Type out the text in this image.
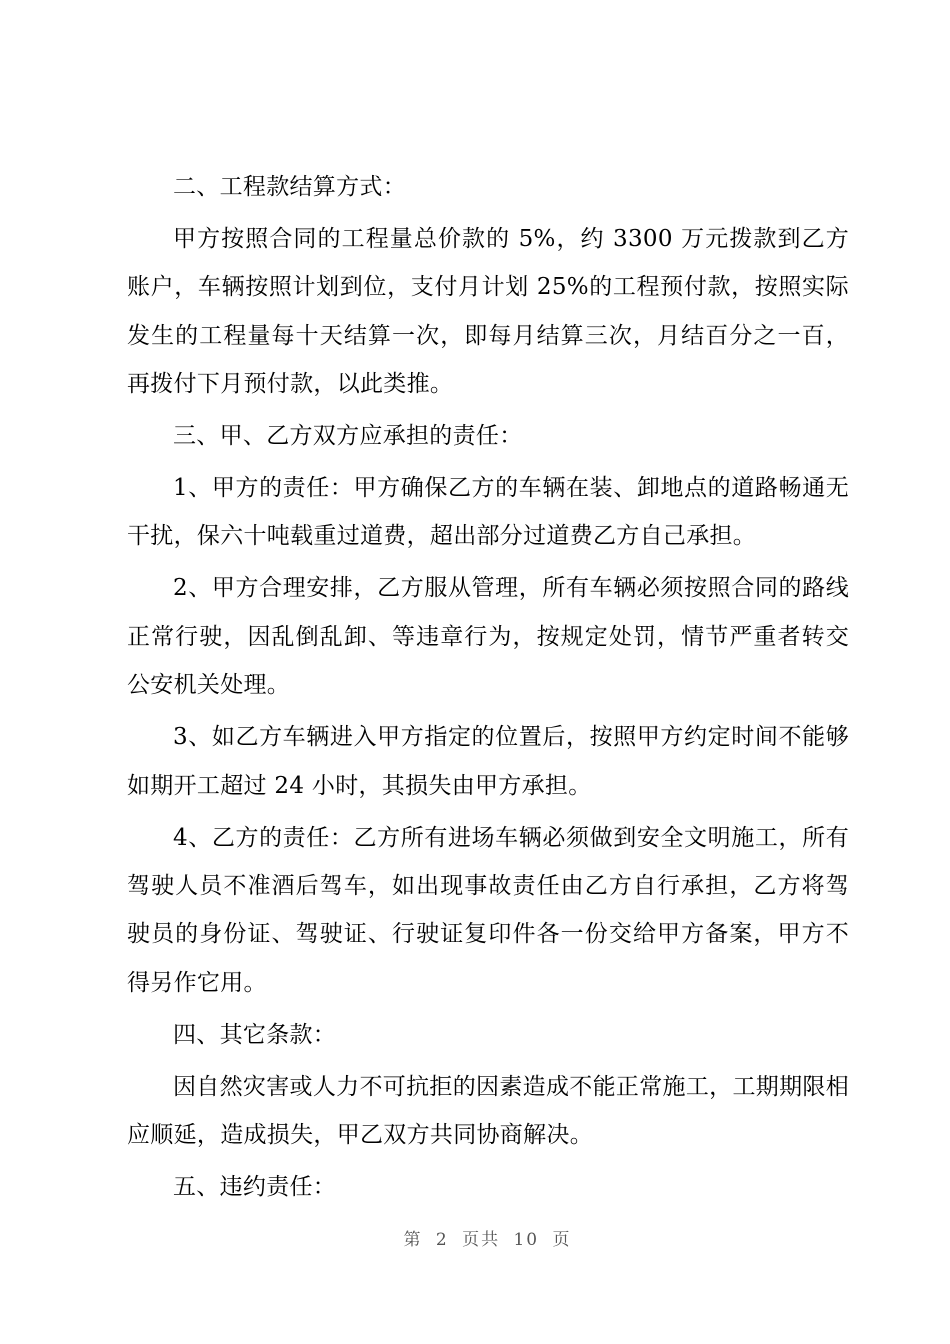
二、工程款结算方式：

甲方按照合同的工程量总价款的 5%，约 3300 万元拨款到乙方账户，车辆按照计划到位，支付月计划 25%的工程预付款，按照实际发生的工程量每十天结算一次，即每月结算三次，月结百分之一百，再拨付下月预付款，以此类推。

三、甲、乙方双方应承担的责任：

1、甲方的责任：甲方确保乙方的车辆在装、卸地点的道路畅通无干扰，保六十吨载重过道费，超出部分过道费乙方自己承担。

2、甲方合理安排，乙方服从管理，所有车辆必须按照合同的路线正常行驶，因乱倒乱卸、等违章行为，按规定处罚，情节严重者转交公安机关处理。

3、如乙方车辆进入甲方指定的位置后，按照甲方约定时间不能够如期开工超过 24 小时，其损失由甲方承担。

4、乙方的责任：乙方所有进场车辆必须做到安全文明施工，所有驾驶人员不准酒后驾车，如出现事故责任由乙方自行承担，乙方将驾驶员的身份证、驾驶证、行驶证复印件各一份交给甲方备案，甲方不得另作它用。

四、其它条款：

因自然灾害或人力不可抗拒的因素造成不能正常施工，工期期限相应顺延，造成损失，甲乙双方共同协商解决。

五、违约责任：

第 2 页共 10 页
